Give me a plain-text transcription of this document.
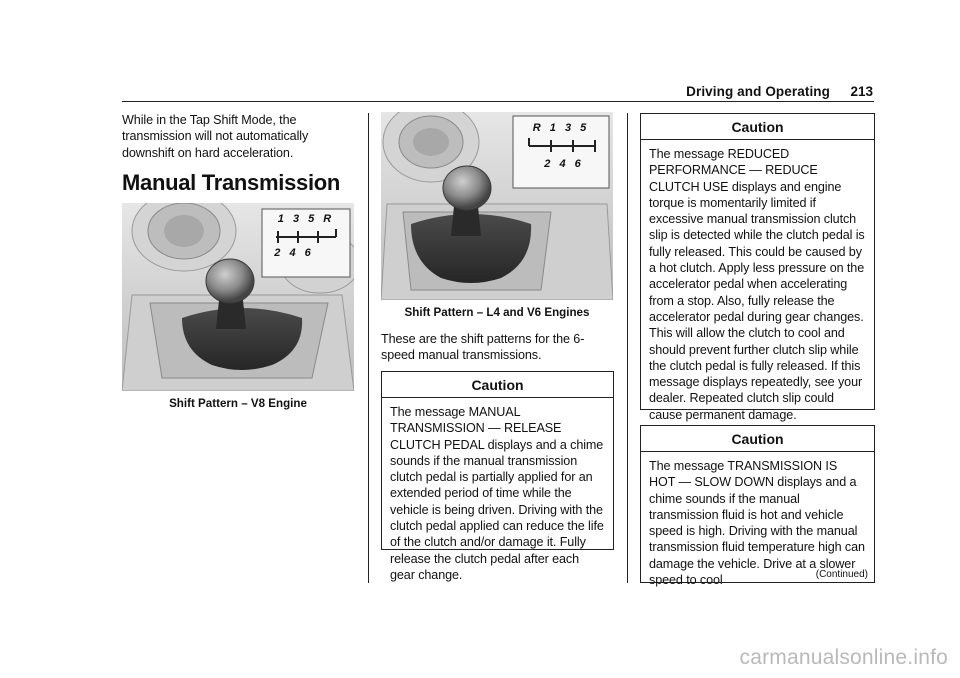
Driving and Operating 213
While in the Tap Shift Mode, the transmission will not automatically downshift on hard acceleration.
Manual Transmission
1 3 5 R
2 4 6
Shift Pattern – V8 Engine
R 1 3 5
2 4 6
Shift Pattern – L4 and V6 Engines
These are the shift patterns for the 6-speed manual transmissions.
Caution
The message MANUAL TRANSMISSION — RELEASE CLUTCH PEDAL displays and a chime sounds if the manual transmission clutch pedal is partially applied for an extended period of time while the vehicle is being driven. Driving with the clutch pedal applied can reduce the life of the clutch and/or damage it. Fully release the clutch pedal after each gear change.
Caution
The message REDUCED PERFORMANCE — REDUCE CLUTCH USE displays and engine torque is momentarily limited if excessive manual transmission clutch slip is detected while the clutch pedal is fully released. This could be caused by a hot clutch. Apply less pressure on the accelerator pedal when accelerating from a stop. Also, fully release the accelerator pedal during gear changes. This will allow the clutch to cool and should prevent further clutch slip while the clutch pedal is fully released. If this message displays repeatedly, see your dealer. Repeated clutch slip could cause permanent damage.
Caution
The message TRANSMISSION IS HOT — SLOW DOWN displays and a chime sounds if the manual transmission fluid is hot and vehicle speed is high. Driving with the manual transmission fluid temperature high can damage the vehicle. Drive at a slower speed to cool	(Continued)
carmanualsonline.info
